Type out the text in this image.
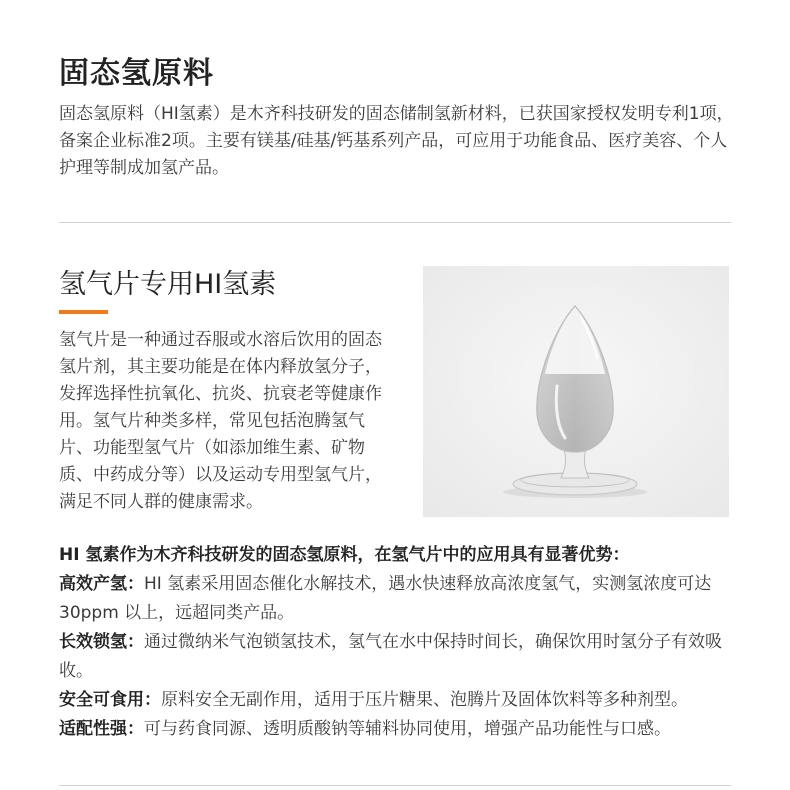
固态氢原料

固态氢原料（HI氢素）是木齐科技研发的固态储制氢新材料，已获国家授权发明专利1项，备案企业标准2项。主要有镁基/硅基/钙基系列产品，可应用于功能食品、医疗美容、个人护理等制成加氢产品。

氢气片专用HI氢素

氢气片是一种通过吞服或水溶后饮用的固态氢片剂，其主要功能是在体内释放氢分子，发挥选择性抗氧化、抗炎、抗衰老等健康作用。氢气片种类多样，常见包括泡腾氢气片、功能型氢气片（如添加维生素、矿物质、中药成分等）以及运动专用型氢气片，满足不同人群的健康需求。

HI 氢素作为木齐科技研发的固态氢原料，在氢气片中的应用具有显著优势：

高效产氢：HI 氢素采用固态催化水解技术，遇水快速释放高浓度氢气，实测氢浓度可达 30ppm 以上，远超同类产品。

长效锁氢：通过微纳米气泡锁氢技术，氢气在水中保持时间长，确保饮用时氢分子有效吸收。

安全可食用：原料安全无副作用，适用于压片糖果、泡腾片及固体饮料等多种剂型。

适配性强：可与药食同源、透明质酸钠等辅料协同使用，增强产品功能性与口感。
